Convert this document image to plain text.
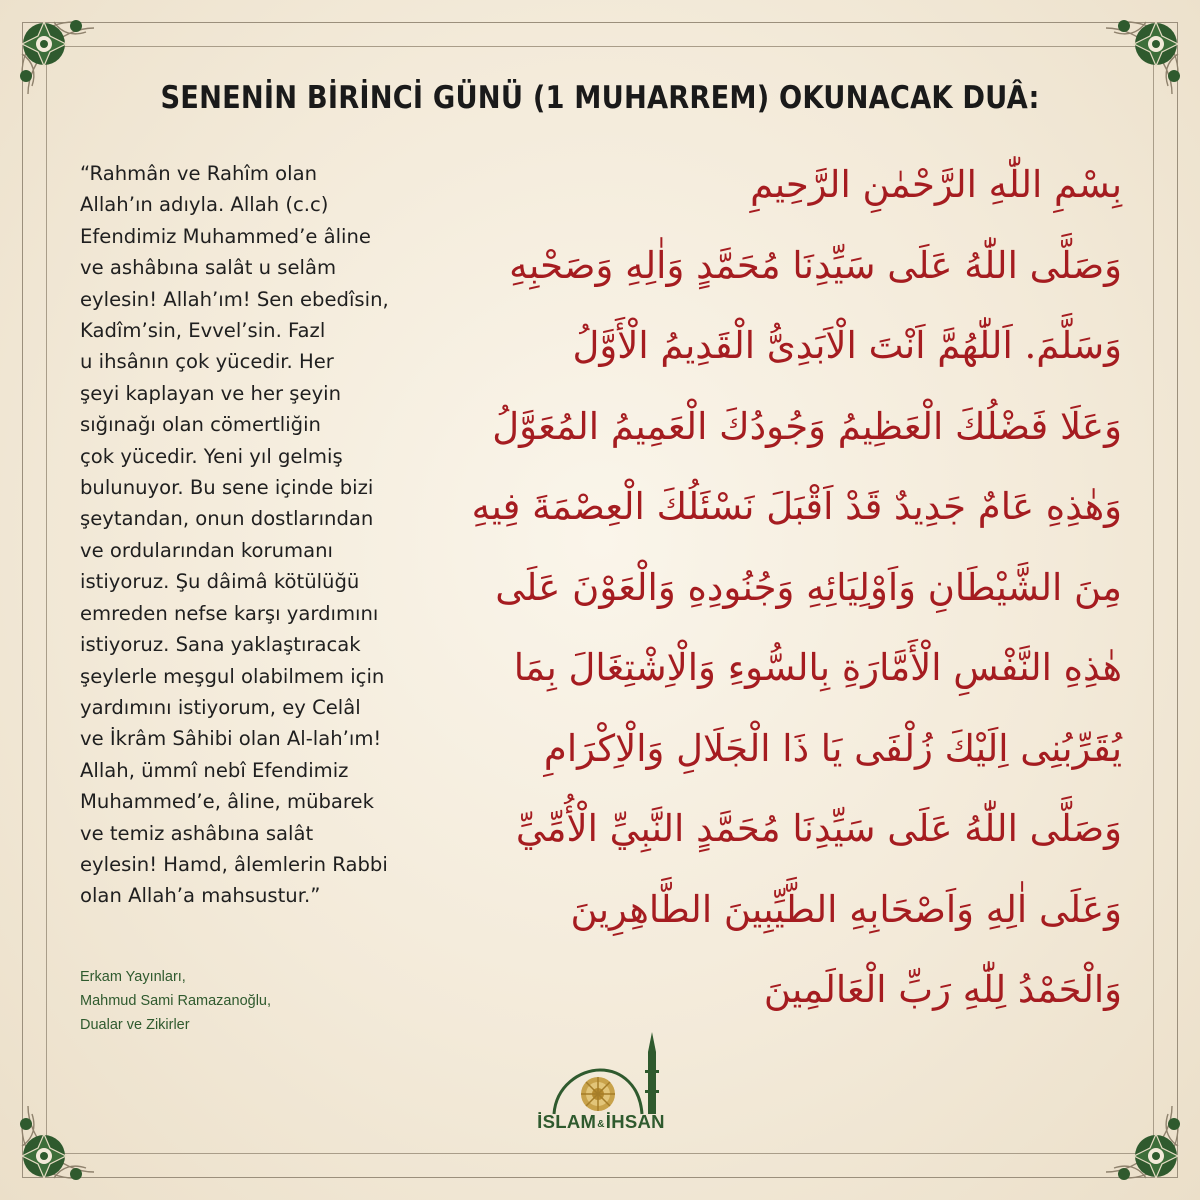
SENENİN BİRİNCİ GÜNÜ (1 MUHARREM) OKUNACAK DUÂ:
“Rahmân ve Rahîm olan
Allah’ın adıyla. Allah (c.c)
Efendimiz Muhammed’e âline
ve ashâbına salât u selâm
eylesin! Allah’ım! Sen ebedîsin,
Kadîm’sin, Evvel’sin. Fazl
u ihsânın çok yücedir. Her
şeyi kaplayan ve her şeyin
sığınağı olan cömertliğin
çok yücedir. Yeni yıl gelmiş
bulunuyor. Bu sene içinde bizi
şeytandan, onun dostlarından
ve ordularından korumanı
istiyoruz. Şu dâimâ kötülüğü
emreden nefse karşı yardımını
istiyoruz. Sana yaklaştıracak
şeylerle meşgul olabilmem için
yardımını istiyorum, ey Celâl
ve İkrâm Sâhibi olan Al-lah’ım!
Allah, ümmî nebî Efendimiz
Muhammed’e, âline, mübarek
ve temiz ashâbına salât
eylesin! Hamd, âlemlerin Rabbi
olan Allah’a mahsustur.”
Erkam Yayınları,
Mahmud Sami Ramazanoğlu,
Dualar ve Zikirler
بِسْمِ اللّٰهِ الرَّحْمٰنِ الرَّحِيمِ
وَصَلَّى اللّٰهُ عَلَى سَيِّدِنَا مُحَمَّدٍ وَاٰلِهِ وَصَحْبِهِ
وَسَلَّمَ. اَللّٰهُمَّ اَنْتَ الْاَبَدِىُّ الْقَدِيمُ الْأَوَّلُ
وَعَلَا فَضْلُكَ الْعَظِيمُ وَجُودُكَ الْعَمِيمُ المُعَوَّلُ
وَهٰذِهِ عَامٌ جَدِيدٌ قَدْ اَقْبَلَ نَسْئَلُكَ الْعِصْمَةَ فِيهِ
مِنَ الشَّيْطَانِ وَاَوْلِيَائِهِ وَجُنُودِهِ وَالْعَوْنَ عَلَى
هٰذِهِ النَّفْسِ الْأَمَّارَةِ بِالسُّوءِ وَالْاِشْتِغَالَ بِمَا
يُقَرِّبُنِى اِلَيْكَ زُلْفَى يَا ذَا الْجَلَالِ وَالْاِكْرَامِ
وَصَلَّى اللّٰهُ عَلَى سَيِّدِنَا مُحَمَّدٍ النَّبِيِّ الْأُمِّيِّ
وَعَلَى اٰلِهِ وَاَصْحَابِهِ الطَّيِّبِينَ الطَّاهِرِينَ
وَالْحَمْدُ لِلّٰهِ رَبِّ الْعَالَمِينَ
İSLAM&İHSAN
